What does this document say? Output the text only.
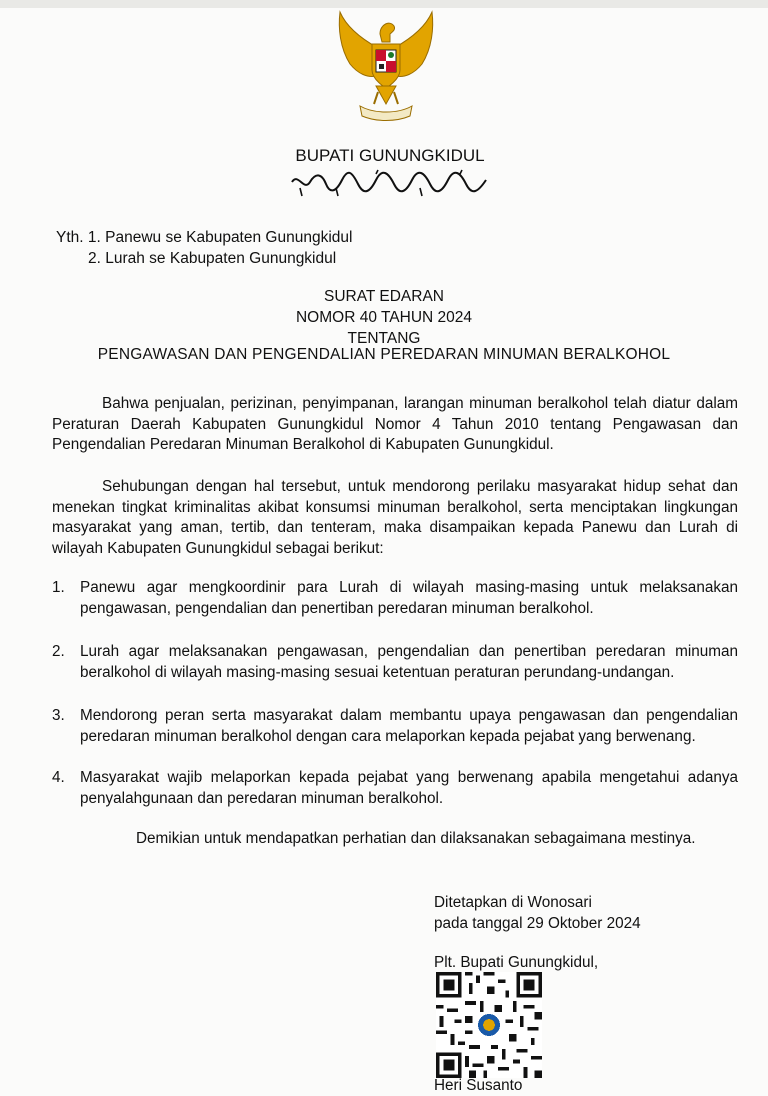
BUPATI GUNUNGKIDUL
Yth. 1. Panewu se Kabupaten Gunungkidul
2. Lurah se Kabupaten Gunungkidul
SURAT EDARAN
NOMOR 40 TAHUN 2024
TENTANG
PENGAWASAN DAN PENGENDALIAN PEREDARAN MINUMAN BERALKOHOL
Bahwa penjualan, perizinan, penyimpanan, larangan minuman beralkohol telah diatur dalam Peraturan Daerah Kabupaten Gunungkidul Nomor 4 Tahun 2010 tentang Pengawasan dan Pengendalian Peredaran Minuman Beralkohol di Kabupaten Gunungkidul.
Sehubungan dengan hal tersebut, untuk mendorong perilaku masyarakat hidup sehat dan menekan tingkat kriminalitas akibat konsumsi minuman beralkohol, serta menciptakan lingkungan masyarakat yang aman, tertib, dan tenteram, maka disampaikan kepada Panewu dan Lurah di wilayah Kabupaten Gunungkidul sebagai berikut:
1. Panewu agar mengkoordinir para Lurah di wilayah masing-masing untuk melaksanakan pengawasan, pengendalian dan penertiban peredaran minuman beralkohol.
2. Lurah agar melaksanakan pengawasan, pengendalian dan penertiban peredaran minuman beralkohol di wilayah masing-masing sesuai ketentuan peraturan perundang-undangan.
3. Mendorong peran serta masyarakat dalam membantu upaya pengawasan dan pengendalian peredaran minuman beralkohol dengan cara melaporkan kepada pejabat yang berwenang.
4. Masyarakat wajib melaporkan kepada pejabat yang berwenang apabila mengetahui adanya penyalahgunaan dan peredaran minuman beralkohol.
Demikian untuk mendapatkan perhatian dan dilaksanakan sebagaimana mestinya.
Ditetapkan di Wonosari
pada tanggal 29 Oktober 2024
Plt. Bupati Gunungkidul,
Heri Susanto
